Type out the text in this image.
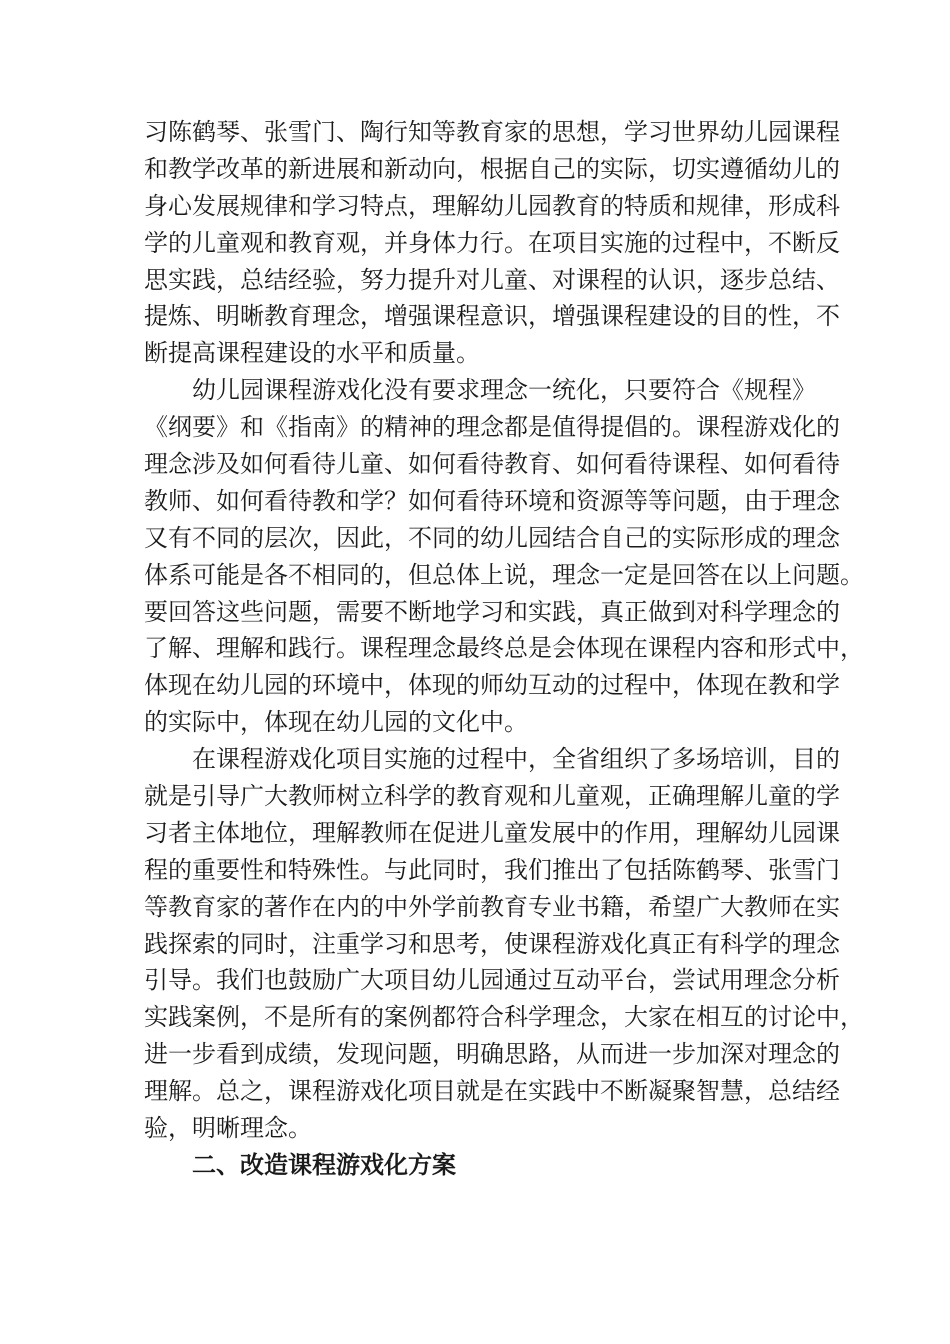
习陈鹤琴、张雪门、陶行知等教育家的思想，学习世界幼儿园课程
和教学改革的新进展和新动向，根据自己的实际，切实遵循幼儿的
身心发展规律和学习特点，理解幼儿园教育的特质和规律，形成科
学的儿童观和教育观，并身体力行。在项目实施的过程中，不断反
思实践，总结经验，努力提升对儿童、对课程的认识，逐步总结、
提炼、明晰教育理念，增强课程意识，增强课程建设的目的性，不
断提高课程建设的水平和质量。
幼儿园课程游戏化没有要求理念一统化，只要符合《规程》
《纲要》和《指南》的精神的理念都是值得提倡的。课程游戏化的
理念涉及如何看待儿童、如何看待教育、如何看待课程、如何看待
教师、如何看待教和学？如何看待环境和资源等等问题，由于理念
又有不同的层次，因此，不同的幼儿园结合自己的实际形成的理念
体系可能是各不相同的，但总体上说，理念一定是回答在以上问题。
要回答这些问题，需要不断地学习和实践，真正做到对科学理念的
了解、理解和践行。课程理念最终总是会体现在课程内容和形式中，
体现在幼儿园的环境中，体现的师幼互动的过程中，体现在教和学
的实际中，体现在幼儿园的文化中。
在课程游戏化项目实施的过程中，全省组织了多场培训，目的
就是引导广大教师树立科学的教育观和儿童观，正确理解儿童的学
习者主体地位，理解教师在促进儿童发展中的作用，理解幼儿园课
程的重要性和特殊性。与此同时，我们推出了包括陈鹤琴、张雪门
等教育家的著作在内的中外学前教育专业书籍，希望广大教师在实
践探索的同时，注重学习和思考，使课程游戏化真正有科学的理念
引导。我们也鼓励广大项目幼儿园通过互动平台，尝试用理念分析
实践案例，不是所有的案例都符合科学理念，大家在相互的讨论中，
进一步看到成绩，发现问题，明确思路，从而进一步加深对理念的
理解。总之，课程游戏化项目就是在实践中不断凝聚智慧，总结经
验，明晰理念。
二、改造课程游戏化方案
